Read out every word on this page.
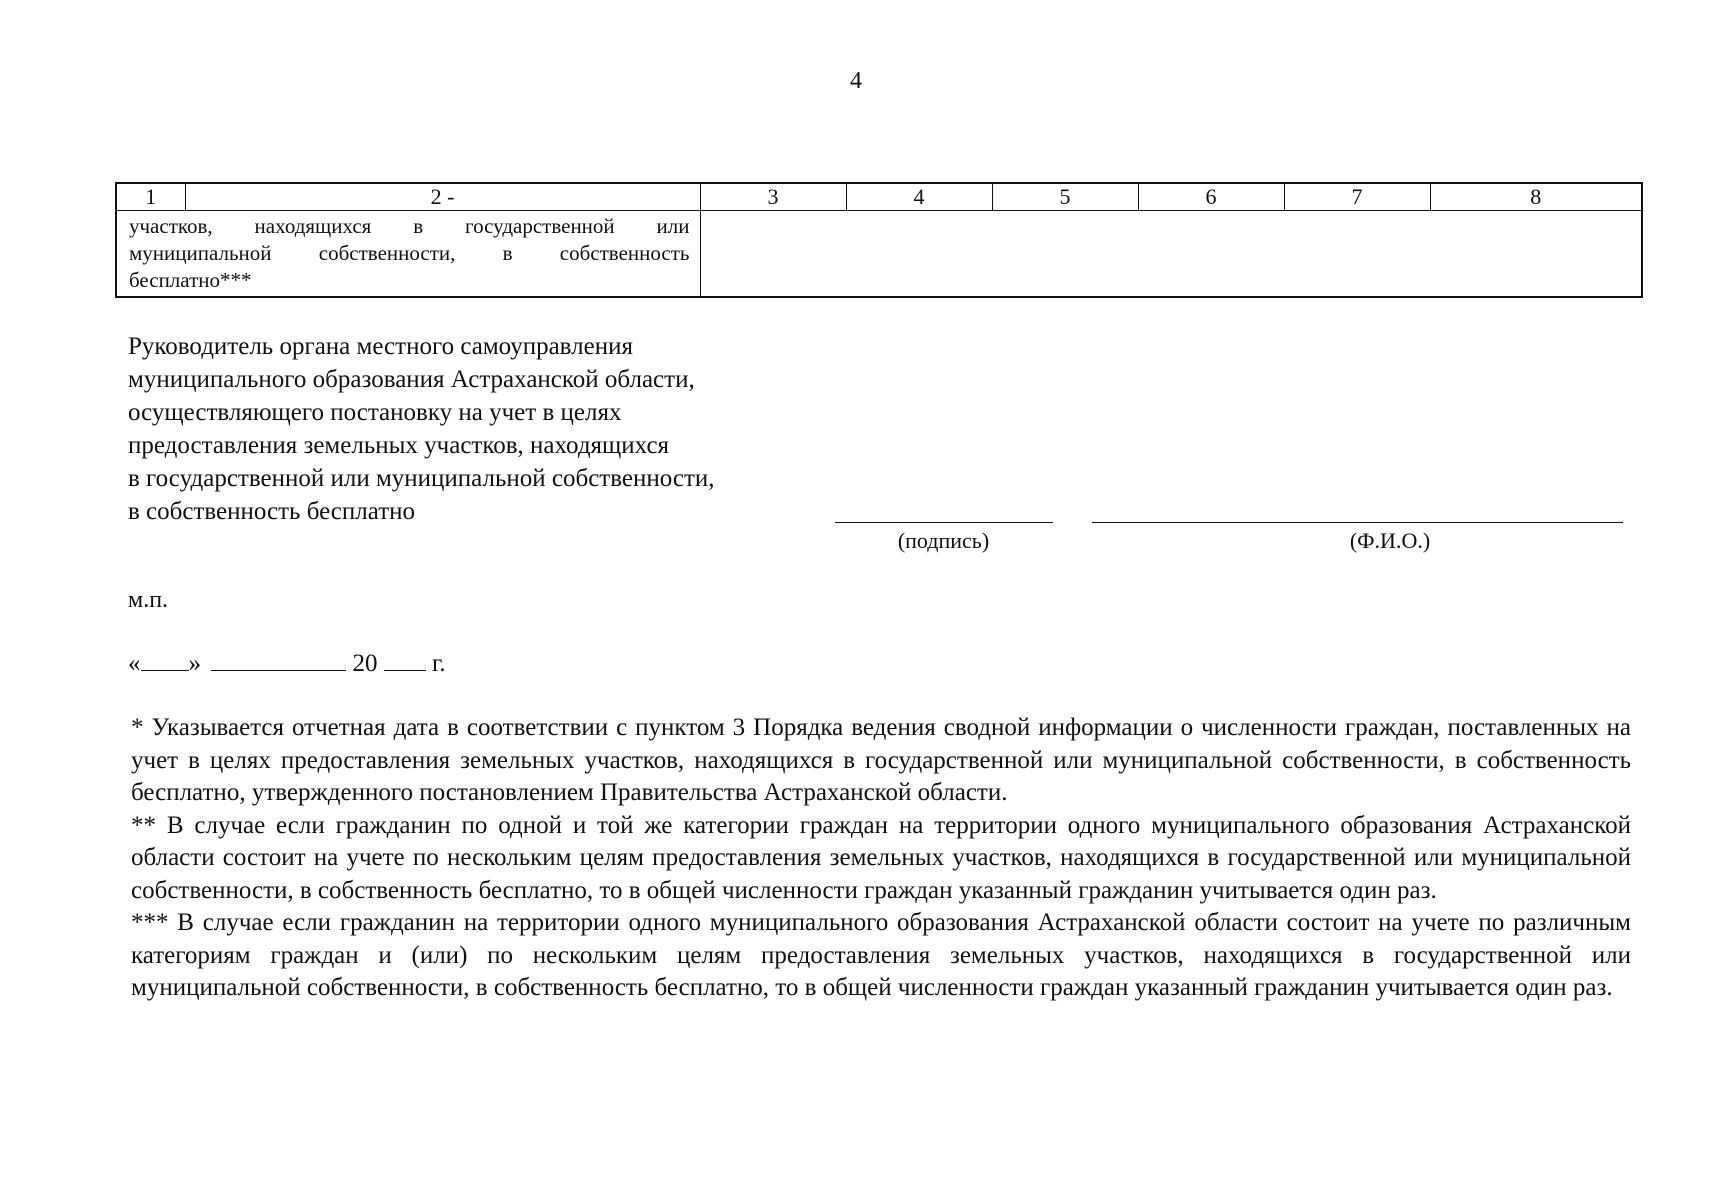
4
1	2 -	3	4	5	6	7	8
участков, находящихся в государственной или муниципальной собственности, в собственность бесплатно***							
Руководитель органа местного самоуправления
муниципального образования Астраханской области,
осуществляющего постановку на учет в целях
предоставления земельных участков, находящихся
в государственной или муниципальной собственности,
в собственность бесплатно
(подпись)	(Ф.И.О.)
м.п.
« »	20 г.

* Указывается отчетная дата в соответствии с пунктом 3 Порядка ведения сводной информации о численности граждан, поставленных на учет в целях предоставления земельных участков, находящихся в государственной или муниципальной собственности, в собственность бесплатно, утвержденного постановлением Правительства Астраханской области.

** В случае если гражданин по одной и той же категории граждан на территории одного муниципального образования Астраханской области состоит на учете по нескольким целям предоставления земельных участков, находящихся в государственной или муниципальной собственности, в собственность бесплатно, то в общей численности граждан указанный гражданин учитывается один раз.

*** В случае если гражданин на территории одного муниципального образования Астраханской области состоит на учете по различным категориям граждан и (или) по нескольким целям предоставления земельных участков, находящихся в государственной или муниципальной собственности, в собственность бесплатно, то в общей численности граждан указанный гражданин учитывается один раз.
